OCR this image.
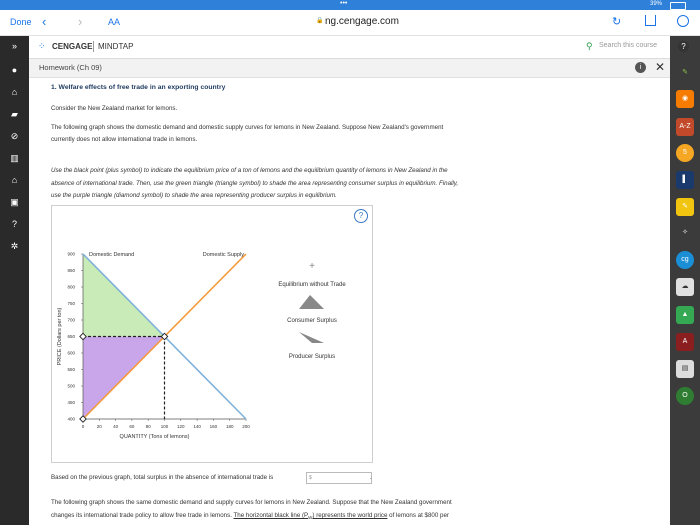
•••	39%
Done ‹ ›	AA	🔒 ng.cengage.com	↻
»
●
⌂
▰
⊘
▥
⌂
▣
?
✲
✎
◉
A-Z
5
▌
✎
✧
cg
☁
▲
A
▤
O
⁘ CENGAGE MINDTAP	⚲ Search this course	?
Homework (Ch 09)	i	✕
1. Welfare effects of free trade in an exporting country
Consider the New Zealand market for lemons.
The following graph shows the domestic demand and domestic supply curves for lemons in New Zealand. Suppose New Zealand's government
currently does not allow international trade in lemons.
Use the black point (plus symbol) to indicate the equilibrium price of a ton of lemons and the equilibrium quantity of lemons in New Zealand in the
absence of international trade. Then, use the green triangle (triangle symbol) to shade the area representing consumer surplus in equilibrium. Finally,
use the purple triangle (diamond symbol) to shade the area representing producer surplus in equilibrium.
?
0	20	40	60	80 100 120 140 160 180 200
400
450
500
550
600
650
700
750
800
850
900
QUANTITY (Tons of lemons)
PRICE (Dollars per ton)
Domestic Demand	Domestic Supply
+
Equilibrium without Trade
Consumer Surplus
Producer Surplus
Based on the previous graph, total surplus in the absence of international trade is	$	.
The following graph shows the same domestic demand and supply curves for lemons in New Zealand. Suppose that the New Zealand government
changes its international trade policy to allow free trade in lemons. The horizontal black line $(P_W)$ represents the world price of lemons at $800 per
